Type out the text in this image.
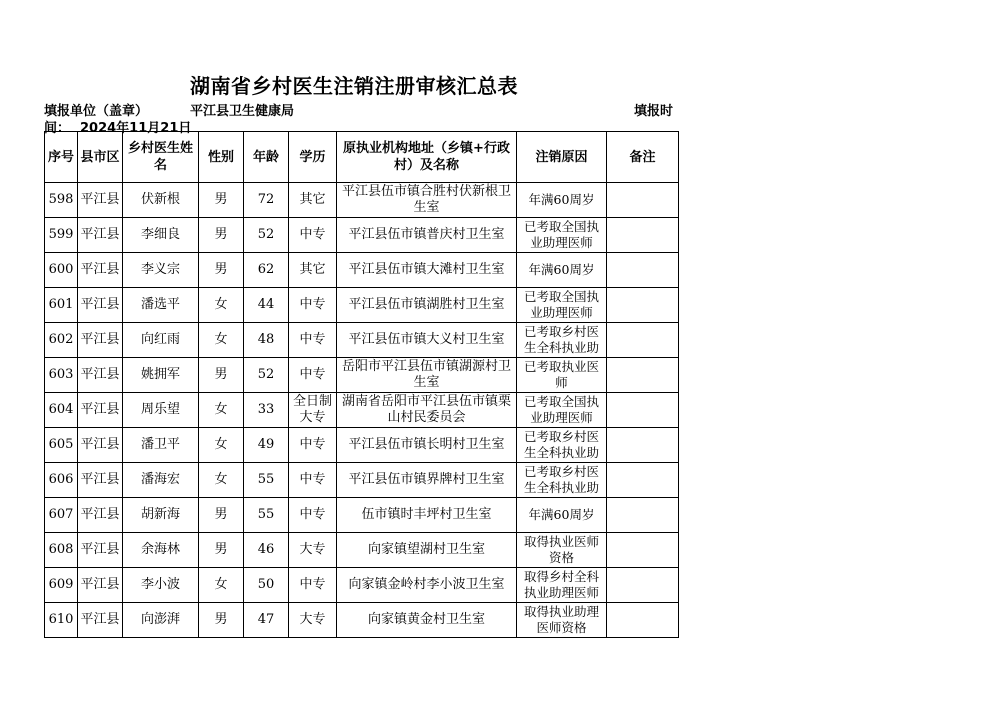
湖南省乡村医生注销注册审核汇总表
填报单位（盖章）	平江县卫生健康局	填报时
间： 2024年11月21日
序号	县市区	乡村医生姓名	性别	年龄	学历	原执业机构地址（乡镇+行政村）及名称	注销原因	备注
598	平江县	伏新根	男	72	其它	平江县伍市镇合胜村伏新根卫生室	年满60周岁	
599	平江县	李细良	男	52	中专	平江县伍市镇普庆村卫生室	已考取全国执业助理医师	
600	平江县	李义宗	男	62	其它	平江县伍市镇大滩村卫生室	年满60周岁	
601	平江县	潘选平	女	44	中专	平江县伍市镇湖胜村卫生室	已考取全国执业助理医师	
602	平江县	向红雨	女	48	中专	平江县伍市镇大义村卫生室	已考取乡村医生全科执业助	
603	平江县	姚拥军	男	52	中专	岳阳市平江县伍市镇湖源村卫生室	已考取执业医师	
604	平江县	周乐望	女	33	全日制大专	湖南省岳阳市平江县伍市镇栗山村民委员会	已考取全国执业助理医师	
605	平江县	潘卫平	女	49	中专	平江县伍市镇长明村卫生室	已考取乡村医生全科执业助	
606	平江县	潘海宏	女	55	中专	平江县伍市镇界牌村卫生室	已考取乡村医生全科执业助	
607	平江县	胡新海	男	55	中专	伍市镇时丰坪村卫生室	年满60周岁	
608	平江县	余海林	男	46	大专	向家镇望湖村卫生室	取得执业医师资格	
609	平江县	李小波	女	50	中专	向家镇金岭村李小波卫生室	取得乡村全科执业助理医师	
610	平江县	向澎湃	男	47	大专	向家镇黄金村卫生室	取得执业助理医师资格	
